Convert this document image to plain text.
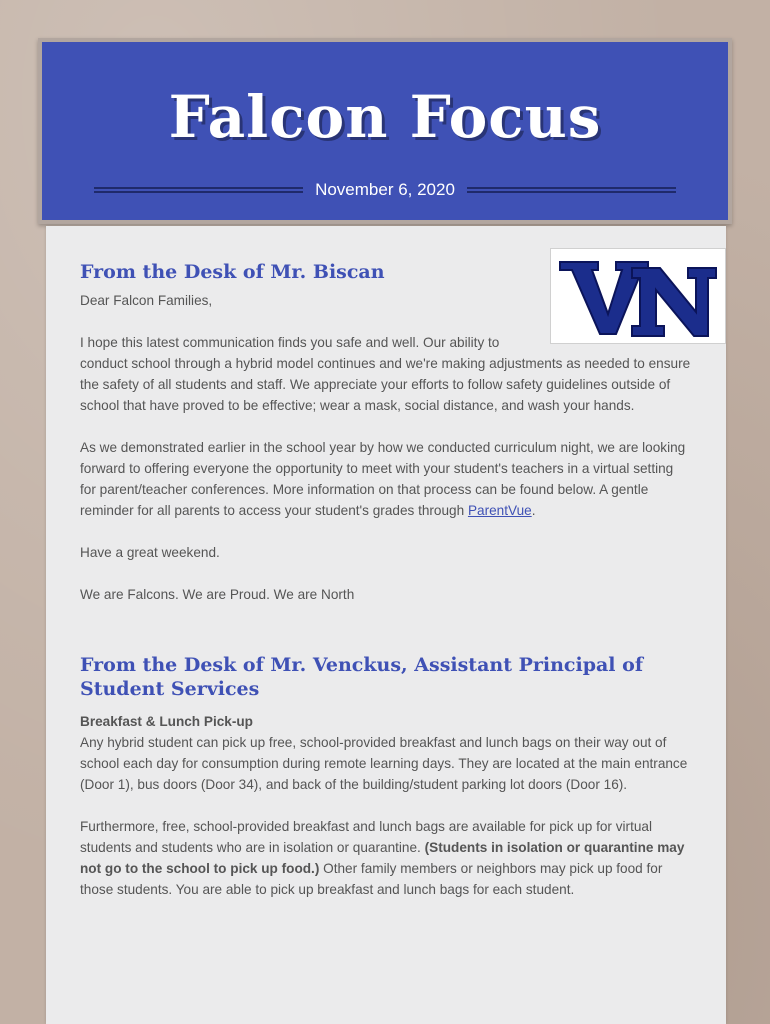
Falcon Focus
November 6, 2020
From the Desk of Mr. Biscan

Dear Falcon Families,

I hope this latest communication finds you safe and well. Our ability to conduct school through a hybrid model continues and we're making adjustments as needed to ensure the safety of all students and staff. We appreciate your efforts to follow safety guidelines outside of school that have proved to be effective; wear a mask, social distance, and wash your hands.

As we demonstrated earlier in the school year by how we conducted curriculum night, we are looking forward to offering everyone the opportunity to meet with your student's teachers in a virtual setting for parent/teacher conferences. More information on that process can be found below. A gentle reminder for all parents to access your student's grades through ParentVue.

Have a great weekend.

We are Falcons. We are Proud. We are North

From the Desk of Mr. Venckus, Assistant Principal of Student Services
Breakfast & Lunch Pick-up

Any hybrid student can pick up free, school-provided breakfast and lunch bags on their way out of school each day for consumption during remote learning days. They are located at the main entrance (Door 1), bus doors (Door 34), and back of the building/student parking lot doors (Door 16).

Furthermore, free, school-provided breakfast and lunch bags are available for pick up for virtual students and students who are in isolation or quarantine. (Students in isolation or quarantine may not go to the school to pick up food.) Other family members or neighbors may pick up food for those students. You are able to pick up breakfast and lunch bags for each student.
